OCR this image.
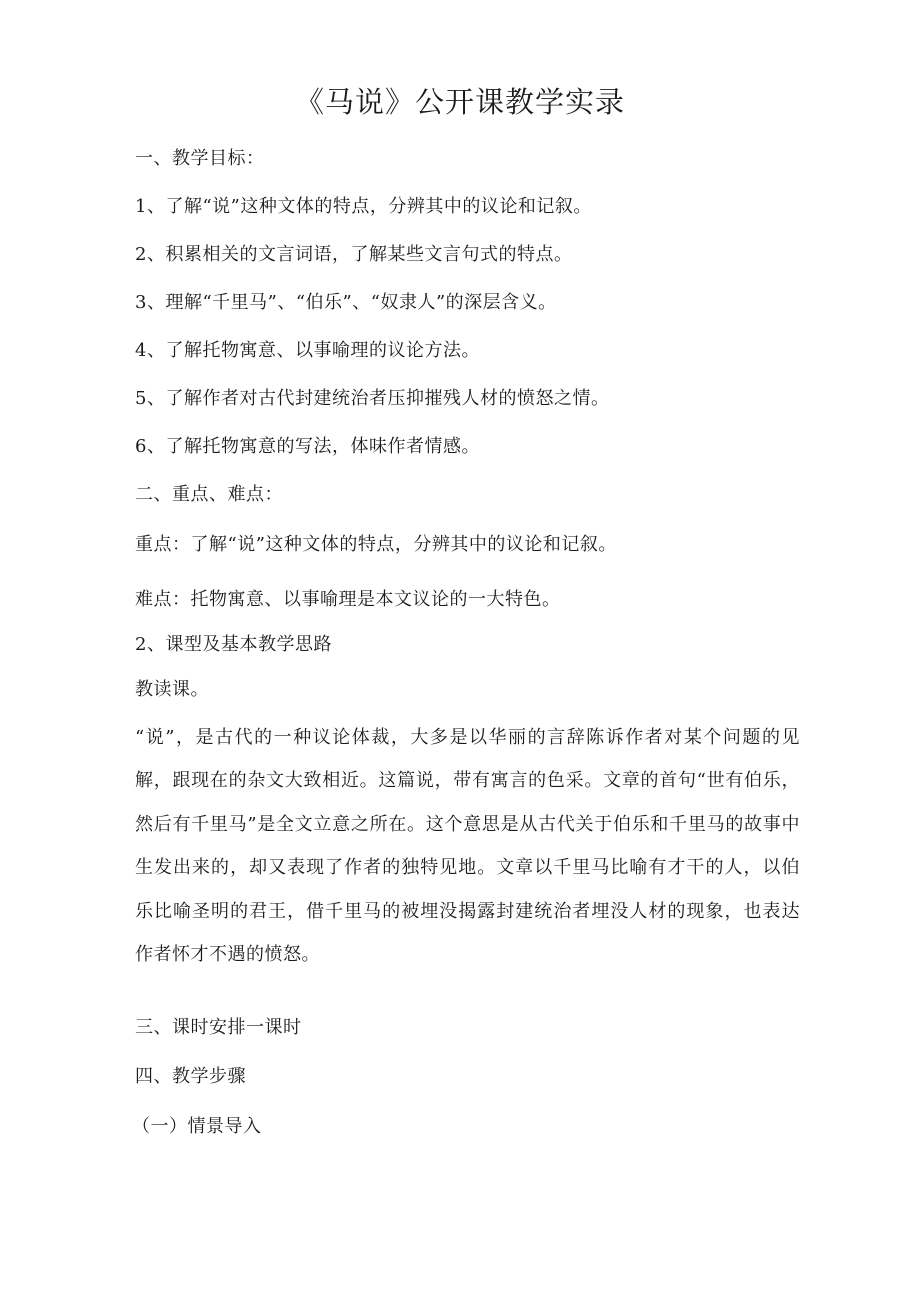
《马说》公开课教学实录
一、教学目标：
1、了解“说”这种文体的特点，分辨其中的议论和记叙。
2、积累相关的文言词语，了解某些文言句式的特点。
3、理解“千里马”、“伯乐”、“奴隶人”的深层含义。
4、了解托物寓意、以事喻理的议论方法。
5、了解作者对古代封建统治者压抑摧残人材的愤怒之情。
6、了解托物寓意的写法，体味作者情感。
二、重点、难点：
重点：了解“说”这种文体的特点，分辨其中的议论和记叙。
难点：托物寓意、以事喻理是本文议论的一大特色。
2、课型及基本教学思路
教读课。
“说”，是古代的一种议论体裁，大多是以华丽的言辞陈诉作者对某个问题的见解，跟现在的杂文大致相近。这篇说，带有寓言的色采。文章的首句“世有伯乐，然后有千里马”是全文立意之所在。这个意思是从古代关于伯乐和千里马的故事中生发出来的，却又表现了作者的独特见地。文章以千里马比喻有才干的人，以伯乐比喻圣明的君王，借千里马的被埋没揭露封建统治者埋没人材的现象，也表达作者怀才不遇的愤怒。
三、课时安排一课时
四、教学步骤
（一）情景导入
